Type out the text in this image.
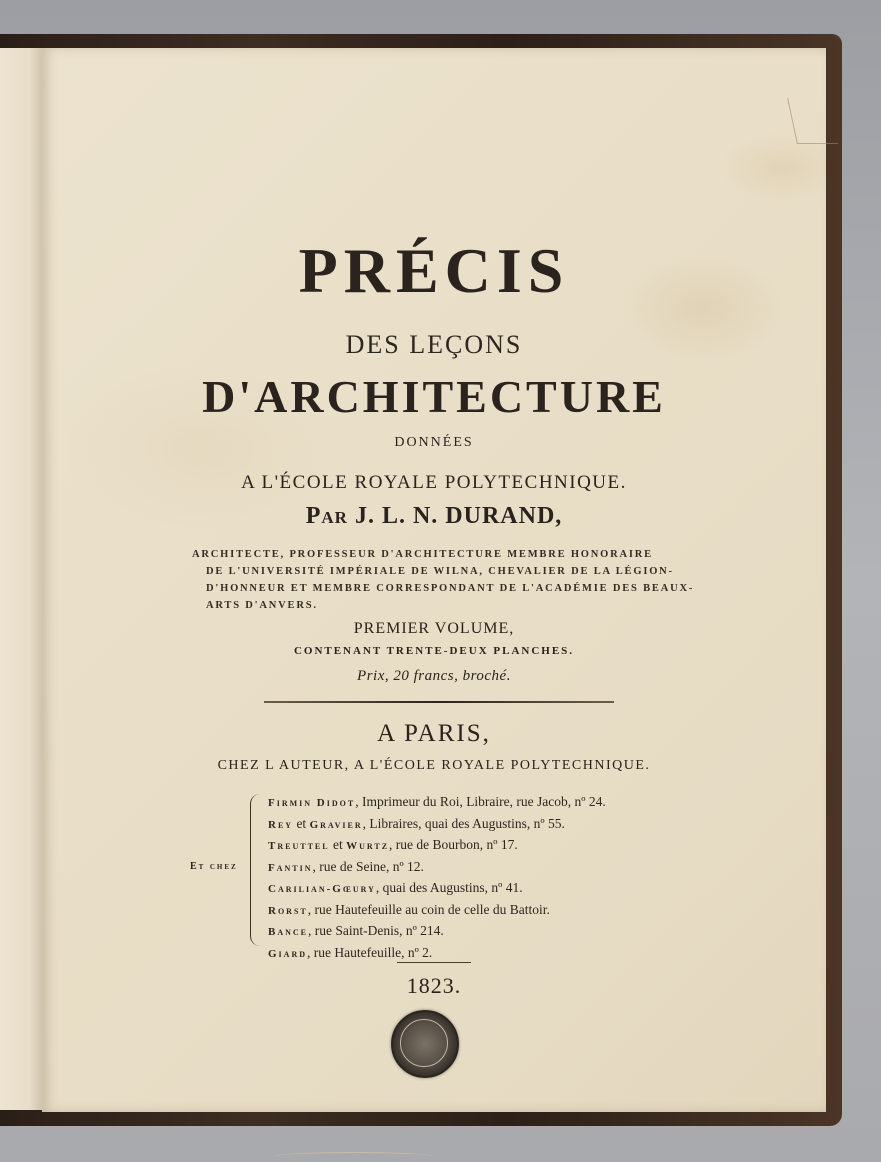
PRÉCIS
DES LEÇONS
D'ARCHITECTURE
DONNÉES
A L'ÉCOLE ROYALE POLYTECHNIQUE.
Par J. L. N. DURAND,
ARCHITECTE, PROFESSEUR D'ARCHITECTURE MEMBRE HONORAIRE
DE L'UNIVERSITÉ IMPÉRIALE DE WILNA, CHEVALIER DE LA LÉGION-
D'HONNEUR ET MEMBRE CORRESPONDANT DE L'ACADÉMIE DES BEAUX-
ARTS D'ANVERS.
PREMIER VOLUME,
CONTENANT TRENTE-DEUX PLANCHES.
Prix, 20 francs, broché.
A PARIS,
CHEZ L AUTEUR, A L'ÉCOLE ROYALE POLYTECHNIQUE.
Et chez
Firmin Didot, Imprimeur du Roi, Libraire, rue Jacob, nº 24.
Rey et Gravier, Libraires, quai des Augustins, nº 55.
Treuttel et Wurtz, rue de Bourbon, nº 17.
Fantin, rue de Seine, nº 12.
Carilian-Gœury, quai des Augustins, nº 41.
Rorst, rue Hautefeuille au coin de celle du Battoir.
Bance, rue Saint-Denis, nº 214.
Giard, rue Hautefeuille, nº 2.
1823.
